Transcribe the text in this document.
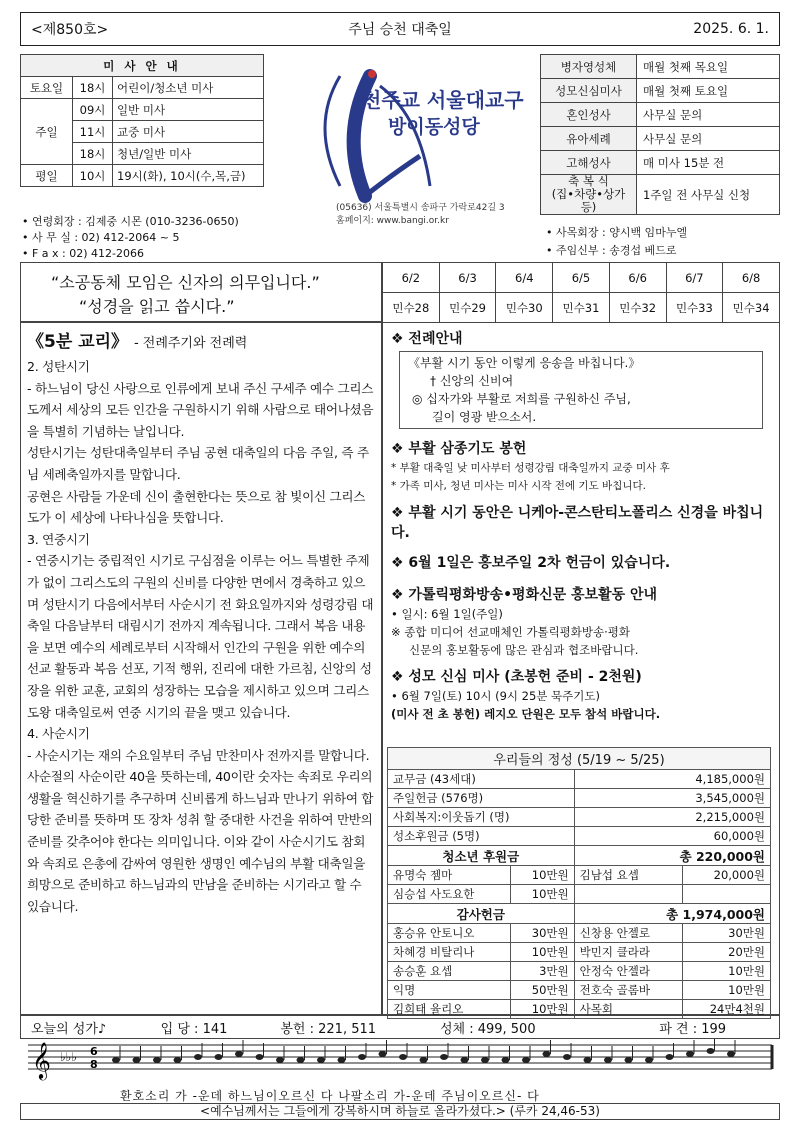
<제850호>	주님 승천 대축일	2025. 6. 1.
미 사 안 내		
토요일	18시	어린이/청소년 미사
주일	09시	일반 미사
	11시	교중 미사
	18시	청년/일반 미사
평일	10시	19시(화), 10시(수,목,금)
• 연령회장 : 김제중 시몬 (010-3236-0650)
• 사 무 실 : 02) 412-2064 ~ 5
• F a x : 02) 412-2066
천주교 서울대교구
방이동성당
(05636) 서울특별시 송파구 가락로42길 3
홈페이지: www.bangi.or.kr
병자영성체	매월 첫째 목요일
성모신심미사	매월 첫째 토요일
혼인성사	사무실 문의
유아세례	사무실 문의
고해성사	매 미사 15분 전
축 복 식
(집•차량•상가 등)	1주일 전 사무실 신청
• 사목회장 : 양시백 임마누엘
• 주임신부 : 송경섭 베드로
“소공동체 모임은 신자의 의무입니다.”
“성경을 읽고 씁시다.”
6/2	6/3	6/4	6/5	6/6	6/7	6/8
민수28	민수29	민수30	민수31	민수32	민수33	민수34
《5분 교리》 - 전례주기와 전례력

2. 성탄시기

- 하느님이 당신 사랑으로 인류에게 보내 주신 구세주 예수 그리스도께서 세상의 모든 인간을 구원하시기 위해 사람으로 태어나셨음을 특별히 기념하는 날입니다.

성탄시기는 성탄대축일부터 주님 공현 대축일의 다음 주일, 즉 주님 세례축일까지를 말합니다.

공현은 사람들 가운데 신이 출현한다는 뜻으로 참 빛이신 그리스도가 이 세상에 나타나심을 뜻합니다.

3. 연중시기

- 연중시기는 중립적인 시기로 구심점을 이루는 어느 특별한 주제가 없이 그리스도의 구원의 신비를 다양한 면에서 경축하고 있으며 성탄시기 다음에서부터 사순시기 전 화요일까지와 성령강림 대축일 다음날부터 대림시기 전까지 계속됩니다. 그래서 복음 내용을 보면 예수의 세례로부터 시작해서 인간의 구원을 위한 예수의 선교 활동과 복음 선포, 기적 행위, 진리에 대한 가르침, 신앙의 성장을 위한 교훈, 교회의 성장하는 모습을 제시하고 있으며 그리스도왕 대축일로써 연중 시기의 끝을 맺고 있습니다.

4. 사순시기

- 사순시기는 재의 수요일부터 주님 만찬미사 전까지를 말합니다. 사순절의 사순이란 40을 뜻하는데, 40이란 숫자는 속죄로 우리의 생활을 혁신하기를 추구하며 신비롭게 하느님과 만나기 위하여 합당한 준비를 뜻하며 또 장차 성취 할 중대한 사건을 위하여 만반의 준비를 갖추어야 한다는 의미입니다. 이와 같이 사순시기도 참회와 속죄로 은총에 감싸여 영원한 생명인 예수님의 부활 대축일을 희망으로 준비하고 하느님과의 만남을 준비하는 시기라고 할 수 있습니다.

❖ 전례안내
《부활 시기 동안 이렇게 응송을 바칩니다.》
† 신앙의 신비여
◎ 십자가와 부활로 저희를 구원하신 주님,
길이 영광 받으소서.
❖ 부활 삼종기도 봉헌
* 부활 대축일 낮 미사부터 성령강림 대축일까지 교중 미사 후
* 가족 미사, 청년 미사는 미사 시작 전에 기도 바칩니다.
❖ 부활 시기 동안은 니케아-콘스탄티노폴리스 신경을 바칩니다.
❖ 6월 1일은 홍보주일 2차 헌금이 있습니다.
❖ 가톨릭평화방송•평화신문 홍보활동 안내
• 일시: 6월 1일(주일)
※ 종합 미디어 선교매체인 가톨릭평화방송·평화
신문의 홍보활동에 많은 관심과 협조바랍니다.
❖ 성모 신심 미사 (초봉헌 준비 - 2천원)
• 6월 7일(토) 10시 (9시 25분 묵주기도)
(미사 전 초 봉헌) 레지오 단원은 모두 참석 바랍니다.
우리들의 정성 (5/19 ~ 5/25)			
교무금 (43세대)		4,185,000원	
주일헌금 (576명)		3,545,000원	
사회복지:이웃돕기 (명)		2,215,000원	
성소후원금 (5명)		60,000원	
청소년 후원금		총 220,000원	
유명숙 젬마	10만원	김남섭 요셉	20,000원
심승섭 사도요한	10만원		
감사헌금		총 1,974,000원	
홍승유 안토니오	30만원	신창용 안젤로	30만원
차혜경 비탈리나	10만원	박민지 클라라	20만원
송승훈 요셉	3만원	안정숙 안젤라	10만원
익명	50만원	전호숙 골롬바	10만원
김희태 율리오	10만원	사목회	24만4천원
오늘의 성가♪	입 당 : 141	봉헌 : 221, 511	성체 : 499, 500	파 견 : 199
𝄞 ♭♭♭ 6
8
환호소리 가 -운데 하느님이오르신 다 나팔소리 가-운데 주님이오르신- 다
<예수님께서는 그들에게 강복하시며 하늘로 올라가셨다.> (루카 24,46-53)
